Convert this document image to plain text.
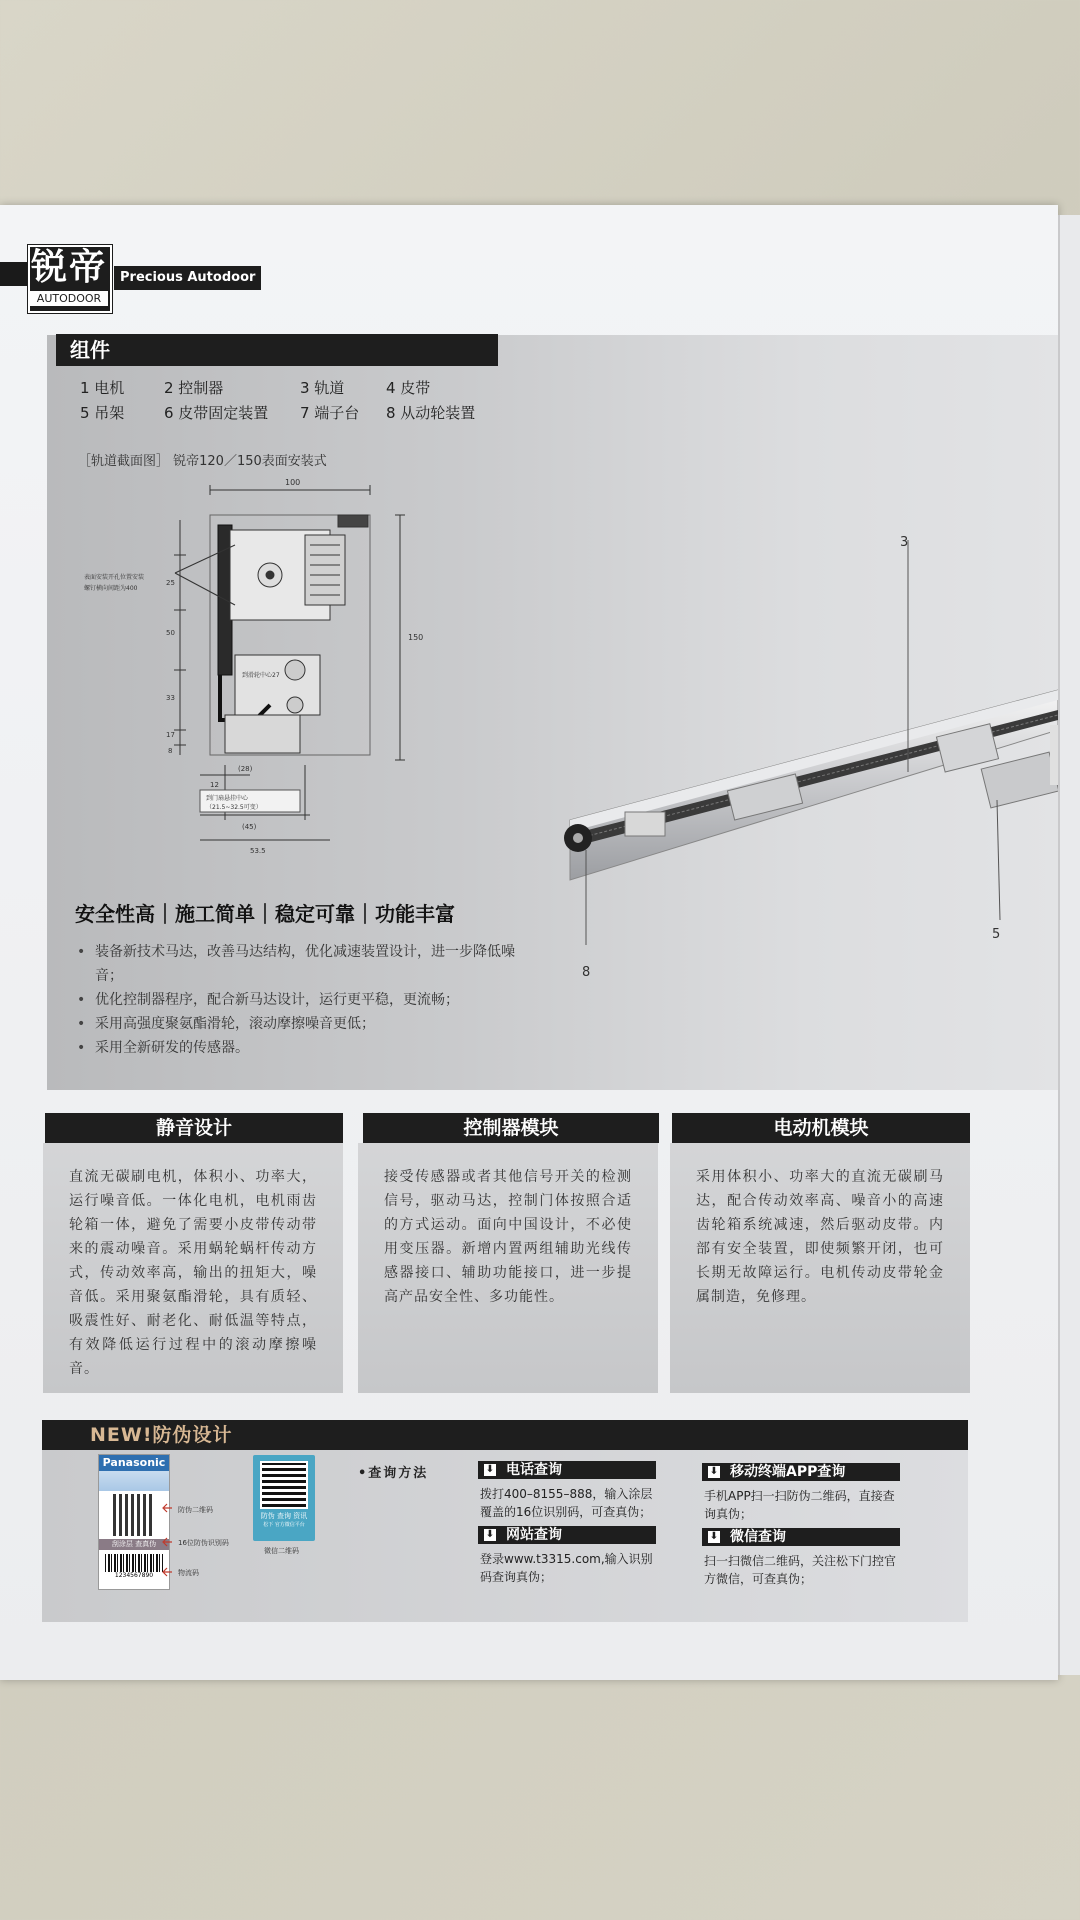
锐帝
AUTODOOR
Precious Autodoor
组件
1 电机	2 控制器	3 轨道	4 皮带
5 吊架	6 皮带固定装置 7 端子台 8 从动轮装置
［轨道截面图］ 锐帝120／150表面安装式
100
150
25
50
33
17
8
(28)
12
(45)
53.5
表面安装开孔位置安装
螺钉横向间距为400
到滑轮中心27
到门扇悬挂中心
（21.5~32.5可变）
3
8
5
安全性高｜施工简单｜稳定可靠｜功能丰富
• 装备新技术马达，改善马达结构，优化减速装置设计，进一步降低噪音；
• 优化控制器程序，配合新马达设计，运行更平稳，更流畅；
• 采用高强度聚氨酯滑轮，滚动摩擦噪音更低；
• 采用全新研发的传感器。
静音设计
直流无碳刷电机，体积小、功率大，运行噪音低。一体化电机，电机雨齿轮箱一体，避免了需要小皮带传动带来的震动噪音。采用蜗轮蜗杆传动方式，传动效率高，输出的扭矩大，噪音低。采用聚氨酯滑轮，具有质轻、吸震性好、耐老化、耐低温等特点，有效降低运行过程中的滚动摩擦噪音。
控制器模块
接受传感器或者其他信号开关的检测信号，驱动马达，控制门体按照合适的方式运动。面向中国设计，不必使用变压器。新增内置两组辅助光线传感器接口、辅助功能接口，进一步提高产品安全性、多功能性。
电动机模块
采用体积小、功率大的直流无碳刷马达，配合传动效率高、噪音小的高速齿轮箱系统减速，然后驱动皮带。内部有安全装置，即使频繁开闭，也可长期无故障运行。电机传动皮带轮金属制造，免修理。
NEW!防伪设计
Panasonic
刮涂层 查真伪
1234567890
防伪二维码
16位防伪识别码
物流码
防伪 查询 资讯
松下 官方微信平台
微信二维码
•查询方法	⬇ 电话查询
拨打400–8155–888，输入涂层覆盖的16位识别码，可查真伪；
⬇ 网站查询
登录www.t3315.com,输入识别码查询真伪；
⬇ 移动终端APP查询
手机APP扫一扫防伪二维码，直接查询真伪；
⬇ 微信查询
扫一扫微信二维码，关注松下门控官方微信，可查真伪；
